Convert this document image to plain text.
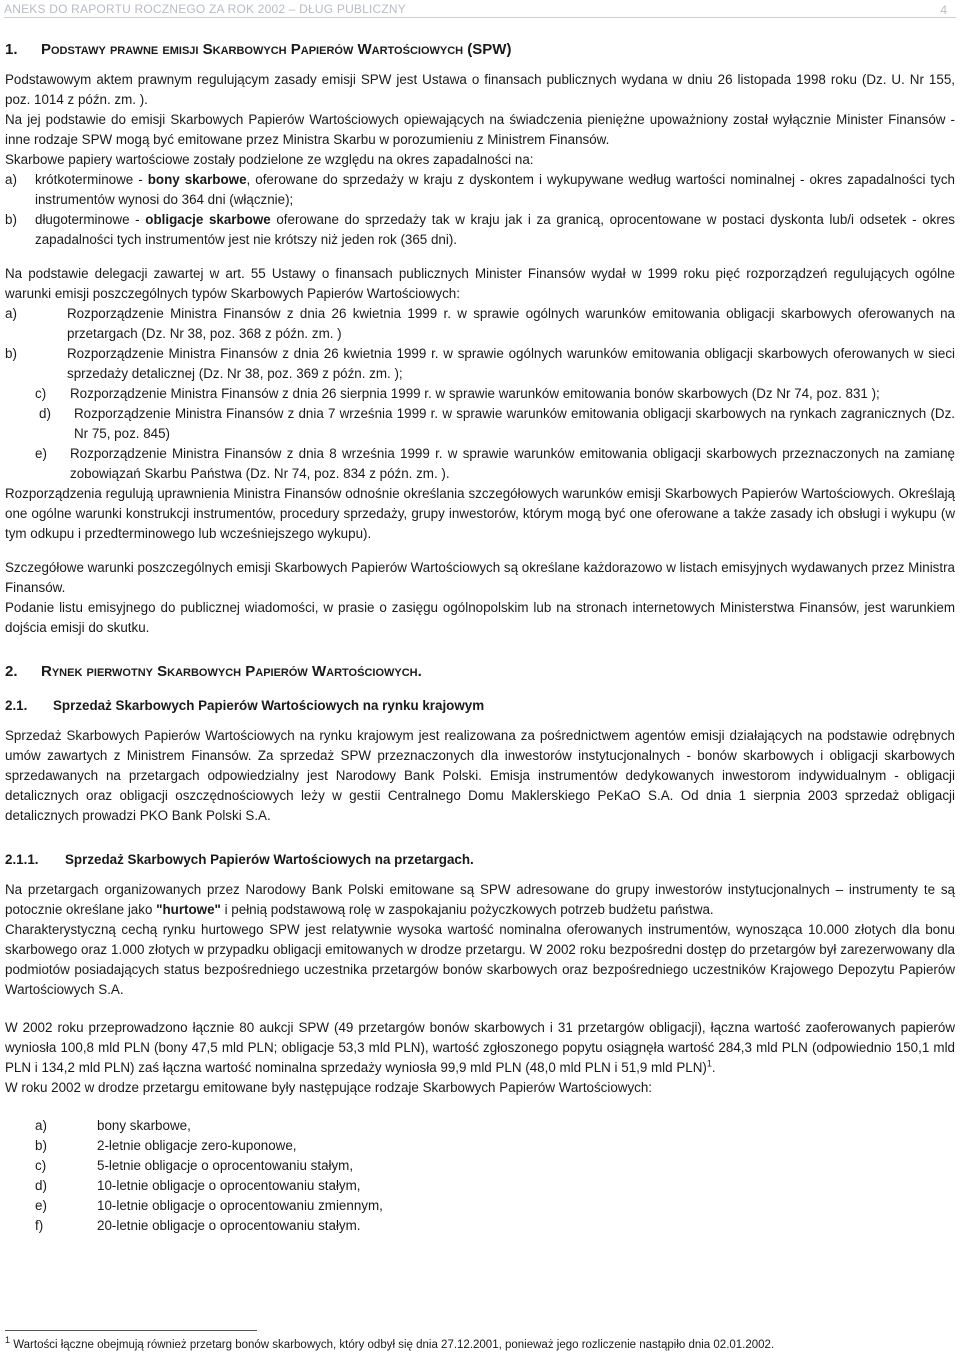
ANEKS DO RAPORTU ROCZNEGO ZA ROK 2002 – DŁUG PUBLICZNY	4
1. Podstawy prawne emisji Skarbowych Papierów Wartościowych (SPW)

Podstawowym aktem prawnym regulującym zasady emisji SPW jest Ustawa o finansach publicznych wydana w dniu 26 listopada 1998 roku (Dz. U. Nr 155, poz. 1014 z późn. zm. ).

Na jej podstawie do emisji Skarbowych Papierów Wartościowych opiewających na świadczenia pieniężne upoważniony został wyłącznie Minister Finansów - inne rodzaje SPW mogą być emitowane przez Ministra Skarbu w porozumieniu z Ministrem Finansów.

Skarbowe papiery wartościowe zostały podzielone ze względu na okres zapadalności na:

a)	krótkoterminowe - bony skarbowe, oferowane do sprzedaży w kraju z dyskontem i wykupywane według wartości nominalnej - okres zapadalności tych instrumentów wynosi do 364 dni (włącznie);
b)	długoterminowe - obligacje skarbowe oferowane do sprzedaży tak w kraju jak i za granicą, oprocentowane w postaci dyskonta lub/i odsetek - okres zapadalności tych instrumentów jest nie krótszy niż jeden rok (365 dni).

Na podstawie delegacji zawartej w art. 55 Ustawy o finansach publicznych Minister Finansów wydał w 1999 roku pięć rozporządzeń regulujących ogólne warunki emisji poszczególnych typów Skarbowych Papierów Wartościowych:

a)	Rozporządzenie Ministra Finansów z dnia 26 kwietnia 1999 r. w sprawie ogólnych warunków emitowania obligacji skarbowych oferowanych na przetargach (Dz. Nr 38, poz. 368 z późn. zm. )
b)	Rozporządzenie Ministra Finansów z dnia 26 kwietnia 1999 r. w sprawie ogólnych warunków emitowania obligacji skarbowych oferowanych w sieci sprzedaży detalicznej (Dz. Nr 38, poz. 369 z późn. zm. );
c)	Rozporządzenie Ministra Finansów z dnia 26 sierpnia 1999 r. w sprawie warunków emitowania bonów skarbowych (Dz Nr 74, poz. 831 );
d)	Rozporządzenie Ministra Finansów z dnia 7 września 1999 r. w sprawie warunków emitowania obligacji skarbowych na rynkach zagranicznych (Dz. Nr 75, poz. 845)
e)	Rozporządzenie Ministra Finansów z dnia 8 września 1999 r. w sprawie warunków emitowania obligacji skarbowych przeznaczonych na zamianę zobowiązań Skarbu Państwa (Dz. Nr 74, poz. 834 z późn. zm. ).

Rozporządzenia regulują uprawnienia Ministra Finansów odnośnie określania szczegółowych warunków emisji Skarbowych Papierów Wartościowych. Określają one ogólne warunki konstrukcji instrumentów, procedury sprzedaży, grupy inwestorów, którym mogą być one oferowane a także zasady ich obsługi i wykupu (w tym odkupu i przedterminowego lub wcześniejszego wykupu).

Szczegółowe warunki poszczególnych emisji Skarbowych Papierów Wartościowych są określane każdorazowo w listach emisyjnych wydawanych przez Ministra Finansów.

Podanie listu emisyjnego do publicznej wiadomości, w prasie o zasięgu ogólnopolskim lub na stronach internetowych Ministerstwa Finansów, jest warunkiem dojścia emisji do skutku.

2. Rynek pierwotny Skarbowych Papierów Wartościowych.
2.1. Sprzedaż Skarbowych Papierów Wartościowych na rynku krajowym

Sprzedaż Skarbowych Papierów Wartościowych na rynku krajowym jest realizowana za pośrednictwem agentów emisji działających na podstawie odrębnych umów zawartych z Ministrem Finansów. Za sprzedaż SPW przeznaczonych dla inwestorów instytucjonalnych - bonów skarbowych i obligacji skarbowych sprzedawanych na przetargach odpowiedzialny jest Narodowy Bank Polski. Emisja instrumentów dedykowanych inwestorom indywidualnym - obligacji detalicznych oraz obligacji oszczędnościowych leży w gestii Centralnego Domu Maklerskiego PeKaO S.A. Od dnia 1 sierpnia 2003 sprzedaż obligacji detalicznych prowadzi PKO Bank Polski S.A.

2.1.1. Sprzedaż Skarbowych Papierów Wartościowych na przetargach.

Na przetargach organizowanych przez Narodowy Bank Polski emitowane są SPW adresowane do grupy inwestorów instytucjonalnych – instrumenty te są potocznie określane jako "hurtowe" i pełnią podstawową rolę w zaspokajaniu pożyczkowych potrzeb budżetu państwa.

Charakterystyczną cechą rynku hurtowego SPW jest relatywnie wysoka wartość nominalna oferowanych instrumentów, wynosząca 10.000 złotych dla bonu skarbowego oraz 1.000 złotych w przypadku obligacji emitowanych w drodze przetargu. W 2002 roku bezpośredni dostęp do przetargów był zarezerwowany dla podmiotów posiadających status bezpośredniego uczestnika przetargów bonów skarbowych oraz bezpośredniego uczestników Krajowego Depozytu Papierów Wartościowych S.A.

W 2002 roku przeprowadzono łącznie 80 aukcji SPW (49 przetargów bonów skarbowych i 31 przetargów obligacji), łączna wartość zaoferowanych papierów wyniosła 100,8 mld PLN (bony 47,5 mld PLN; obligacje 53,3 mld PLN), wartość zgłoszonego popytu osiągnęła wartość 284,3 mld PLN (odpowiednio 150,1 mld PLN i 134,2 mld PLN) zaś łączna wartość nominalna sprzedaży wyniosła 99,9 mld PLN (48,0 mld PLN i 51,9 mld PLN)$^1$.

W roku 2002 w drodze przetargu emitowane były następujące rodzaje Skarbowych Papierów Wartościowych:

a)	bony skarbowe,
b)	2-letnie obligacje zero-kuponowe,
c)	5-letnie obligacje o oprocentowaniu stałym,
d)	10-letnie obligacje o oprocentowaniu stałym,
e)	10-letnie obligacje o oprocentowaniu zmiennym,
f)	20-letnie obligacje o oprocentowaniu stałym.
$^1$ Wartości łączne obejmują również przetarg bonów skarbowych, który odbył się dnia 27.12.2001, ponieważ jego rozliczenie nastąpiło dnia 02.01.2002.
